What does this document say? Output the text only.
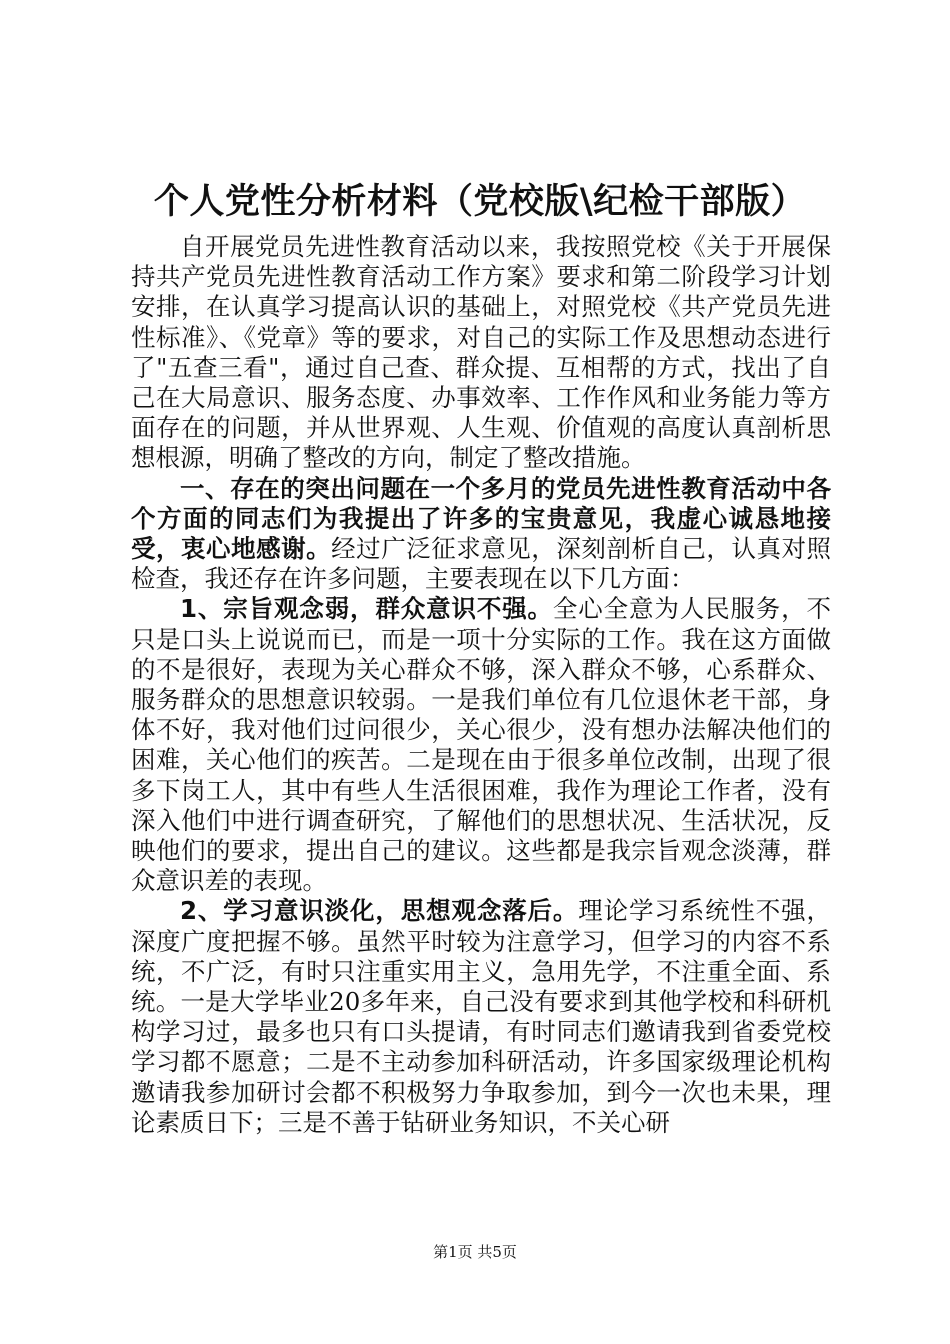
个人党性分析材料（党校版\纪检干部版）

自开展党员先进性教育活动以来，我按照党校《关于开展保持共产党员先进性教育活动工作方案》要求和第二阶段学习计划安排，在认真学习提高认识的基础上，对照党校《共产党员先进性标准》、《党章》等的要求，对自己的实际工作及思想动态进行了"五查三看"，通过自己查、群众提、互相帮的方式，找出了自己在大局意识、服务态度、办事效率、工作作风和业务能力等方面存在的问题，并从世界观、人生观、价值观的高度认真剖析思想根源，明确了整改的方向，制定了整改措施。

一、存在的突出问题在一个多月的党员先进性教育活动中各个方面的同志们为我提出了许多的宝贵意见，我虚心诚恳地接受，衷心地感谢。经过广泛征求意见，深刻剖析自己，认真对照检查，我还存在许多问题，主要表现在以下几方面：

1、宗旨观念弱，群众意识不强。全心全意为人民服务，不只是口头上说说而已，而是一项十分实际的工作。我在这方面做的不是很好，表现为关心群众不够，深入群众不够，心系群众、服务群众的思想意识较弱。一是我们单位有几位退休老干部，身体不好，我对他们过问很少，关心很少，没有想办法解决他们的困难，关心他们的疾苦。二是现在由于很多单位改制，出现了很多下岗工人，其中有些人生活很困难，我作为理论工作者，没有深入他们中进行调查研究，了解他们的思想状况、生活状况，反映他们的要求，提出自己的建议。这些都是我宗旨观念淡薄，群众意识差的表现。

2、学习意识淡化，思想观念落后。理论学习系统性不强，深度广度把握不够。虽然平时较为注意学习，但学习的内容不系统，不广泛，有时只注重实用主义，急用先学，不注重全面、系统。一是大学毕业20多年来，自己没有要求到其他学校和科研机构学习过，最多也只有口头提请，有时同志们邀请我到省委党校学习都不愿意；二是不主动参加科研活动，许多国家级理论机构邀请我参加研讨会都不积极努力争取参加，到今一次也未果，理论素质日下；三是不善于钻研业务知识，不关心研

第1页 共5页
